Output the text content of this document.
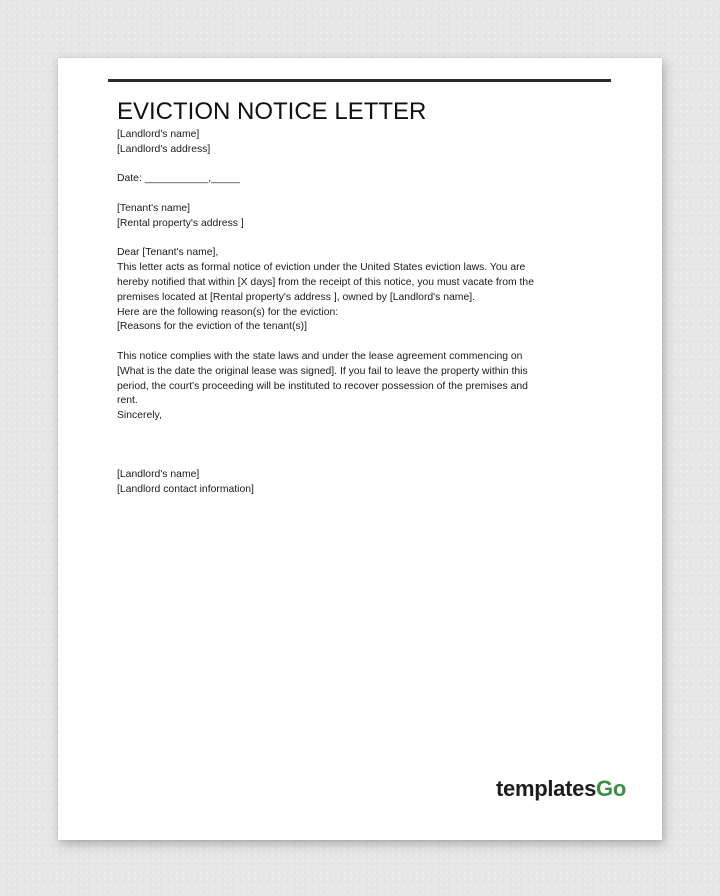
EVICTION NOTICE LETTER
[Landlord's name]
[Landlord's address]
Date: ___________,_____
[Tenant's name]
[Rental property's address ]
Dear [Tenant's name],
This letter acts as formal notice of eviction under the United States eviction laws. You are
hereby notified that within [X days] from the receipt of this notice, you must vacate from the
premises located at [Rental property's address ], owned by [Landlord's name].
Here are the following reason(s) for the eviction:
[Reasons for the eviction of the tenant(s)]
This notice complies with the state laws and under the lease agreement commencing on
[What is the date the original lease was signed]. If you fail to leave the property within this
period, the court's proceeding will be instituted to recover possession of the premises and
rent.
Sincerely,
[Landlord's name]
[Landlord contact information]
templatesGo
